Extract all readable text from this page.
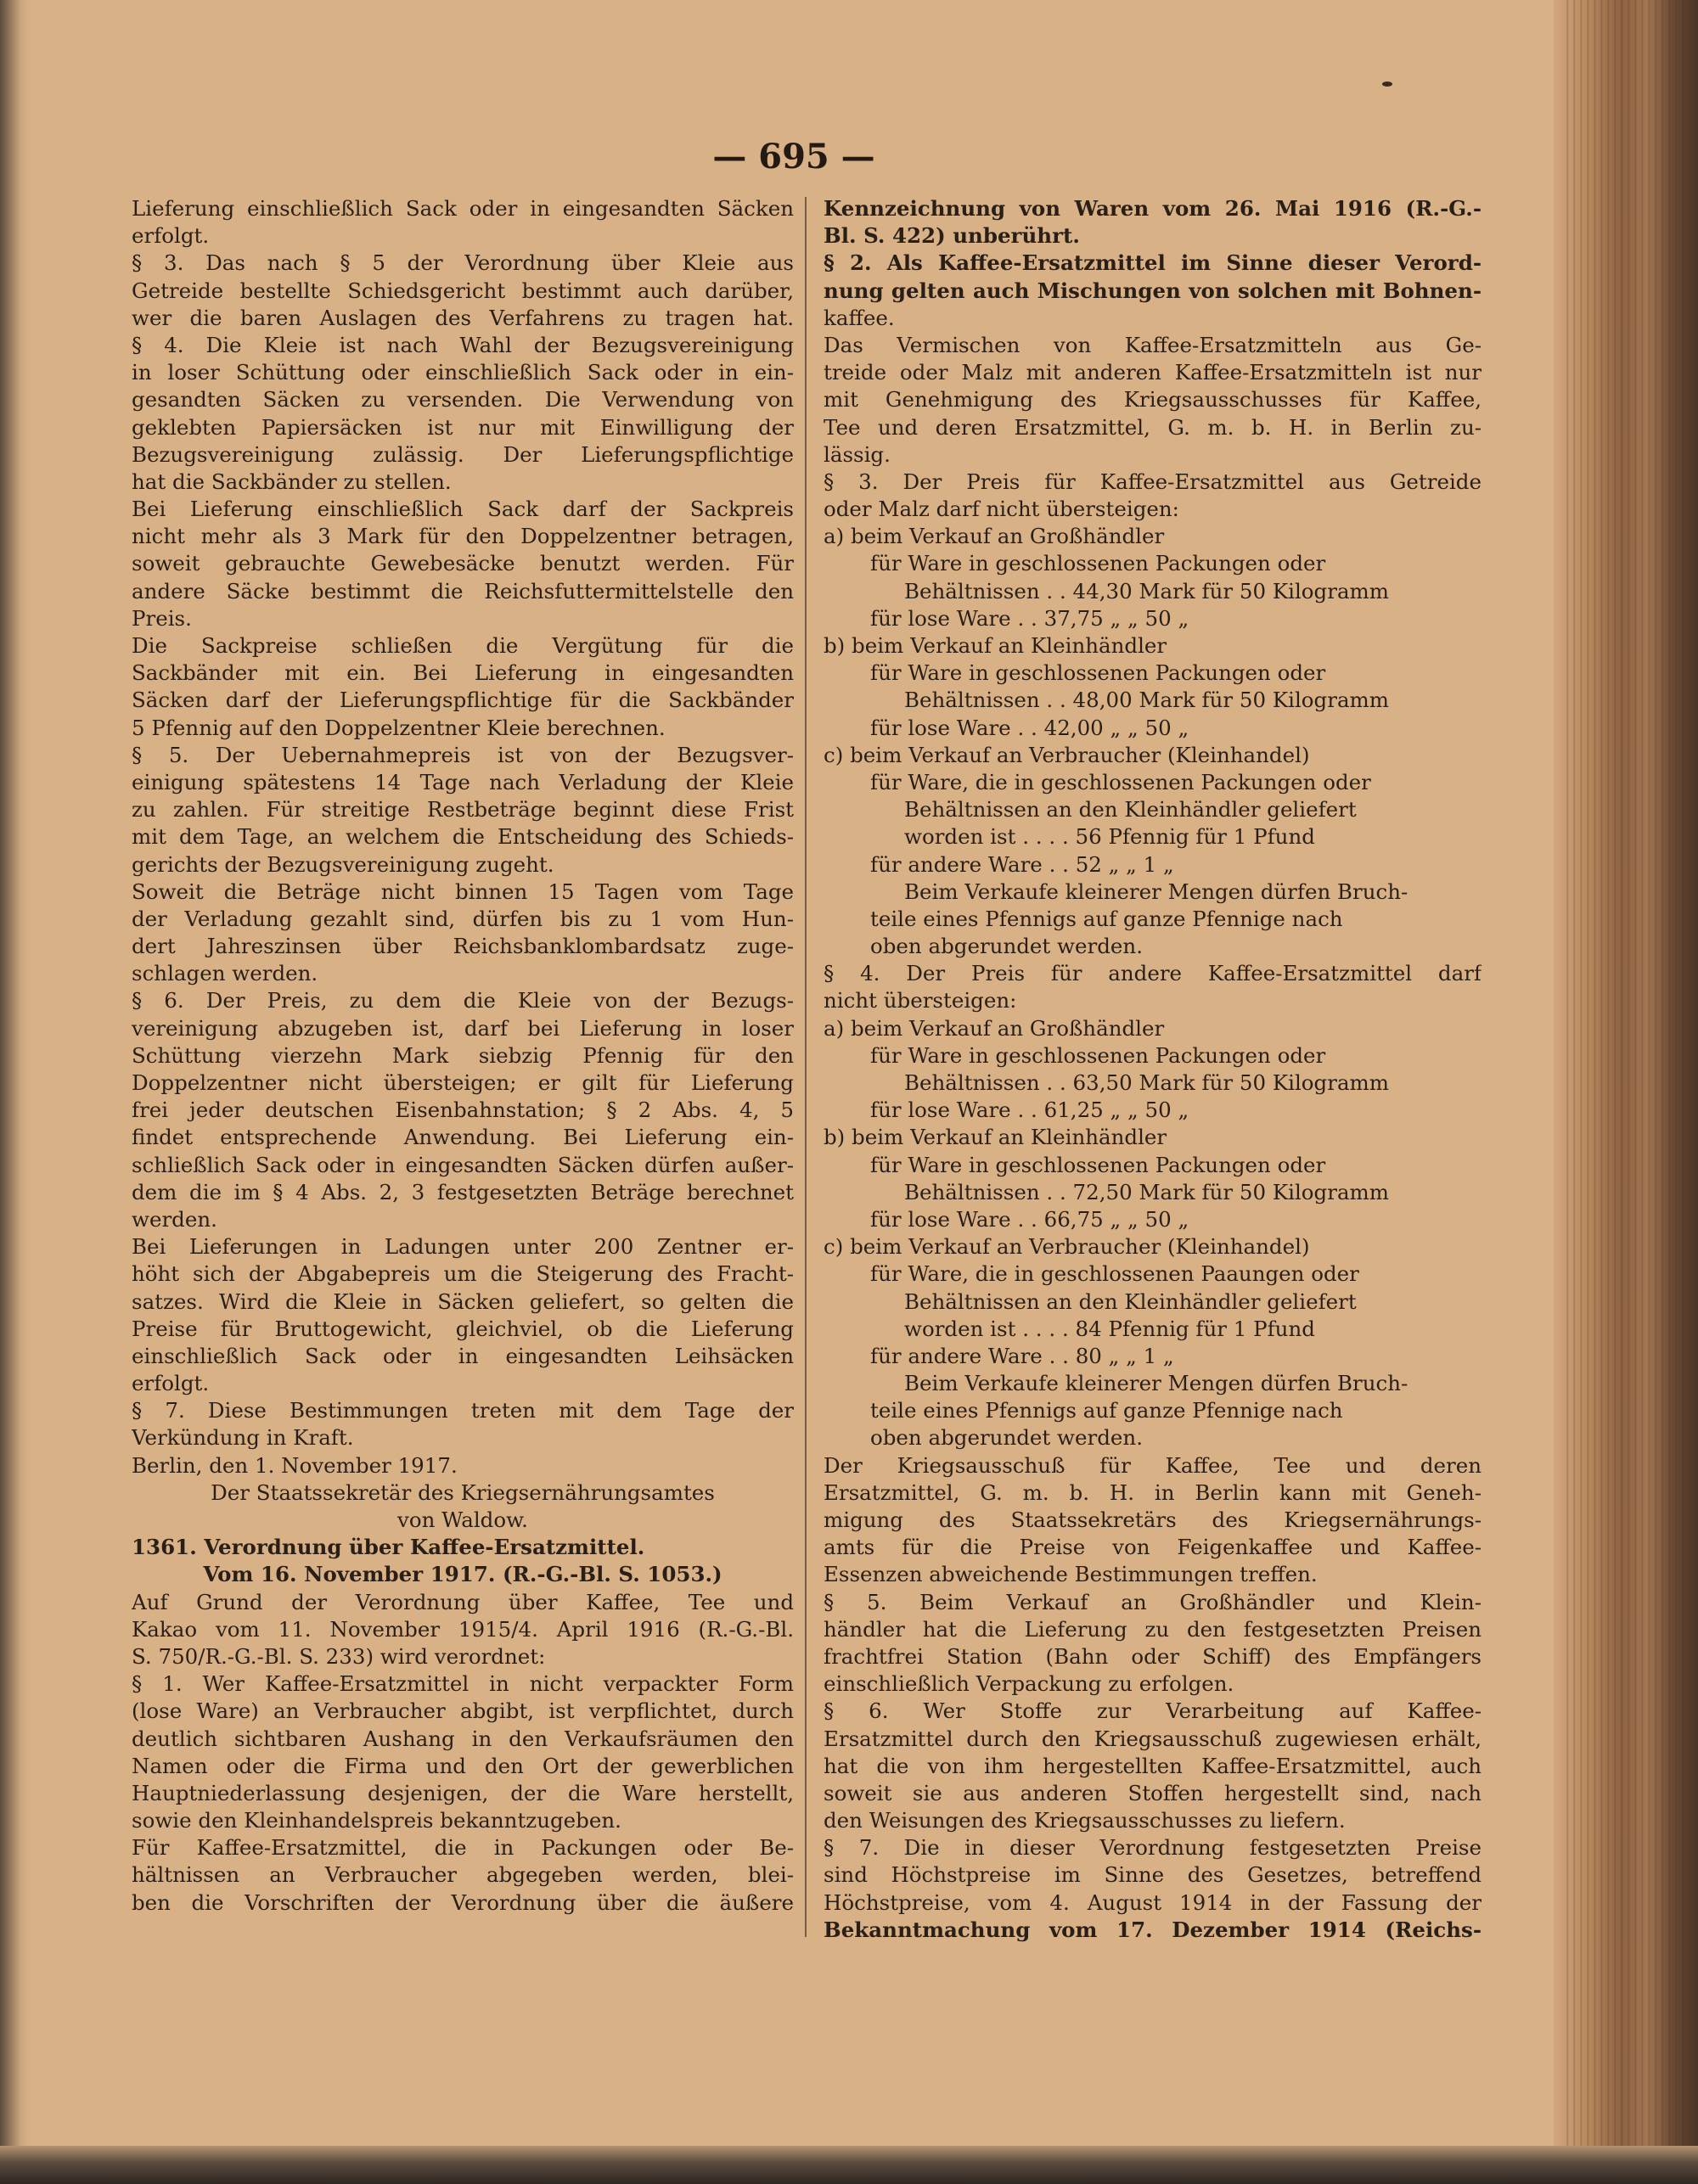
— 695 —
Lieferung einschließlich Sack oder in eingesandten Säcken
erfolgt.
§ 3. Das nach § 5 der Verordnung über Kleie aus
Getreide bestellte Schiedsgericht bestimmt auch darüber,
wer die baren Auslagen des Verfahrens zu tragen hat.
§ 4. Die Kleie ist nach Wahl der Bezugsvereinigung
in loser Schüttung oder einschließlich Sack oder in ein-
gesandten Säcken zu versenden. Die Verwendung von
geklebten Papiersäcken ist nur mit Einwilligung der
Bezugsvereinigung zulässig. Der Lieferungspflichtige
hat die Sackbänder zu stellen.
Bei Lieferung einschließlich Sack darf der Sackpreis
nicht mehr als 3 Mark für den Doppelzentner betragen,
soweit gebrauchte Gewebesäcke benutzt werden. Für
andere Säcke bestimmt die Reichsfuttermittelstelle den
Preis.
Die Sackpreise schließen die Vergütung für die
Sackbänder mit ein. Bei Lieferung in eingesandten
Säcken darf der Lieferungspflichtige für die Sackbänder
5 Pfennig auf den Doppelzentner Kleie berechnen.
§ 5. Der Uebernahmepreis ist von der Bezugsver-
einigung spätestens 14 Tage nach Verladung der Kleie
zu zahlen. Für streitige Restbeträge beginnt diese Frist
mit dem Tage, an welchem die Entscheidung des Schieds-
gerichts der Bezugsvereinigung zugeht.
Soweit die Beträge nicht binnen 15 Tagen vom Tage
der Verladung gezahlt sind, dürfen bis zu 1 vom Hun-
dert Jahreszinsen über Reichsbanklombardsatz zuge-
schlagen werden.
§ 6. Der Preis, zu dem die Kleie von der Bezugs-
vereinigung abzugeben ist, darf bei Lieferung in loser
Schüttung vierzehn Mark siebzig Pfennig für den
Doppelzentner nicht übersteigen; er gilt für Lieferung
frei jeder deutschen Eisenbahnstation; § 2 Abs. 4, 5
findet entsprechende Anwendung. Bei Lieferung ein-
schließlich Sack oder in eingesandten Säcken dürfen außer-
dem die im § 4 Abs. 2, 3 festgesetzten Beträge berechnet
werden.
Bei Lieferungen in Ladungen unter 200 Zentner er-
höht sich der Abgabepreis um die Steigerung des Fracht-
satzes. Wird die Kleie in Säcken geliefert, so gelten die
Preise für Bruttogewicht, gleichviel, ob die Lieferung
einschließlich Sack oder in eingesandten Leihsäcken
erfolgt.
§ 7. Diese Bestimmungen treten mit dem Tage der
Verkündung in Kraft.
Berlin, den 1. November 1917.
Der Staatssekretär des Kriegsernährungsamtes
von Waldow.
1361. Verordnung über Kaffee-Ersatzmittel.
Vom 16. November 1917. (R.-G.-Bl. S. 1053.)
Auf Grund der Verordnung über Kaffee, Tee und
Kakao vom 11. November 1915/4. April 1916 (R.-G.-Bl.
S. 750/R.-G.-Bl. S. 233) wird verordnet:
§ 1. Wer Kaffee-Ersatzmittel in nicht verpackter Form
(lose Ware) an Verbraucher abgibt, ist verpflichtet, durch
deutlich sichtbaren Aushang in den Verkaufsräumen den
Namen oder die Firma und den Ort der gewerblichen
Hauptniederlassung desjenigen, der die Ware herstellt,
sowie den Kleinhandelspreis bekanntzugeben.
Für Kaffee-Ersatzmittel, die in Packungen oder Be-
hältnissen an Verbraucher abgegeben werden, blei-
ben die Vorschriften der Verordnung über die äußere
Kennzeichnung von Waren vom 26. Mai 1916 (R.-G.-
Bl. S. 422) unberührt.
§ 2. Als Kaffee-Ersatzmittel im Sinne dieser Verord-
nung gelten auch Mischungen von solchen mit Bohnen-
kaffee.
Das Vermischen von Kaffee-Ersatzmitteln aus Ge-
treide oder Malz mit anderen Kaffee-Ersatzmitteln ist nur
mit Genehmigung des Kriegsausschusses für Kaffee,
Tee und deren Ersatzmittel, G. m. b. H. in Berlin zu-
lässig.
§ 3. Der Preis für Kaffee-Ersatzmittel aus Getreide
oder Malz darf nicht übersteigen:
a) beim Verkauf an Großhändler
für Ware in geschlossenen Packungen oder
Behältnissen . . 44,30 Mark für 50 Kilogramm
für lose Ware . . 37,75 „ „ 50 „
b) beim Verkauf an Kleinhändler
für Ware in geschlossenen Packungen oder
Behältnissen . . 48,00 Mark für 50 Kilogramm
für lose Ware . . 42,00 „ „ 50 „
c) beim Verkauf an Verbraucher (Kleinhandel)
für Ware, die in geschlossenen Packungen oder
Behältnissen an den Kleinhändler geliefert
worden ist . . . . 56 Pfennig für 1 Pfund
für andere Ware . . 52 „ „ 1 „
Beim Verkaufe kleinerer Mengen dürfen Bruch-
teile eines Pfennigs auf ganze Pfennige nach
oben abgerundet werden.
§ 4. Der Preis für andere Kaffee-Ersatzmittel darf
nicht übersteigen:
a) beim Verkauf an Großhändler
für Ware in geschlossenen Packungen oder
Behältnissen . . 63,50 Mark für 50 Kilogramm
für lose Ware . . 61,25 „ „ 50 „
b) beim Verkauf an Kleinhändler
für Ware in geschlossenen Packungen oder
Behältnissen . . 72,50 Mark für 50 Kilogramm
für lose Ware . . 66,75 „ „ 50 „
c) beim Verkauf an Verbraucher (Kleinhandel)
für Ware, die in geschlossenen Paaungen oder
Behältnissen an den Kleinhändler geliefert
worden ist . . . . 84 Pfennig für 1 Pfund
für andere Ware . . 80 „ „ 1 „
Beim Verkaufe kleinerer Mengen dürfen Bruch-
teile eines Pfennigs auf ganze Pfennige nach
oben abgerundet werden.
Der Kriegsausschuß für Kaffee, Tee und deren
Ersatzmittel, G. m. b. H. in Berlin kann mit Geneh-
migung des Staatssekretärs des Kriegsernährungs-
amts für die Preise von Feigenkaffee und Kaffee-
Essenzen abweichende Bestimmungen treffen.
§ 5. Beim Verkauf an Großhändler und Klein-
händler hat die Lieferung zu den festgesetzten Preisen
frachtfrei Station (Bahn oder Schiff) des Empfängers
einschließlich Verpackung zu erfolgen.
§ 6. Wer Stoffe zur Verarbeitung auf Kaffee-
Ersatzmittel durch den Kriegsausschuß zugewiesen erhält,
hat die von ihm hergestellten Kaffee-Ersatzmittel, auch
soweit sie aus anderen Stoffen hergestellt sind, nach
den Weisungen des Kriegsausschusses zu liefern.
§ 7. Die in dieser Verordnung festgesetzten Preise
sind Höchstpreise im Sinne des Gesetzes, betreffend
Höchstpreise, vom 4. August 1914 in der Fassung der
Bekanntmachung vom 17. Dezember 1914 (Reichs-
